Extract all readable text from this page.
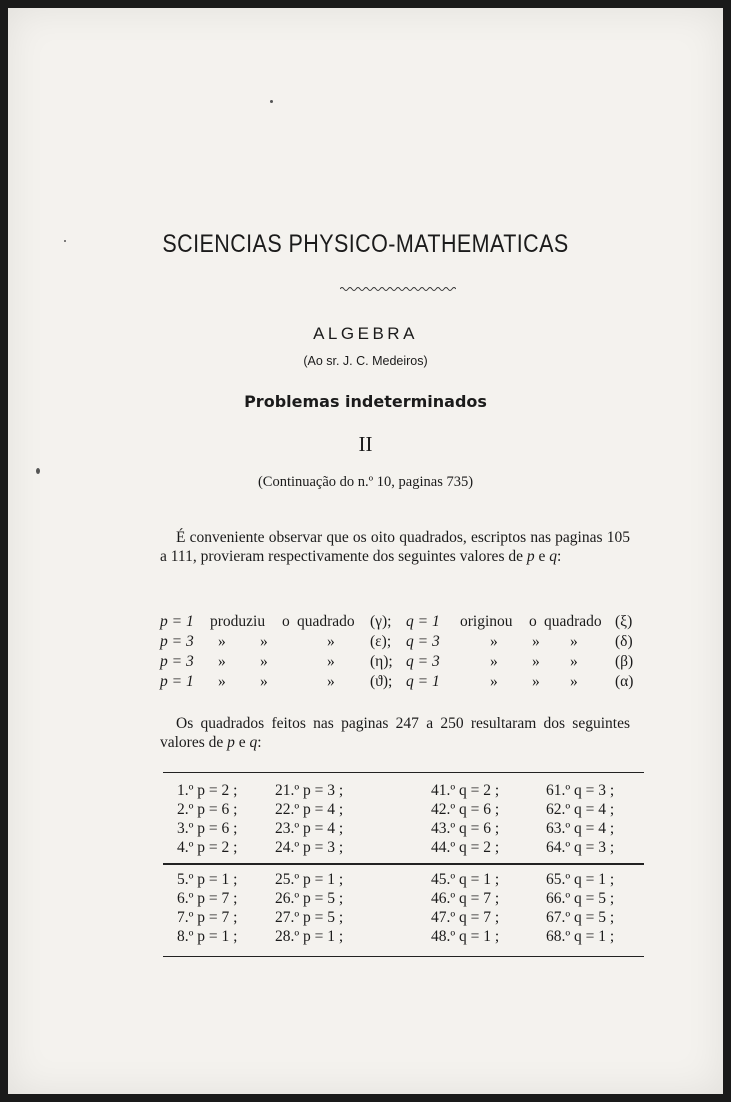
SCIENCIAS PHYSICO-MATHEMATICAS
ALGEBRA
(Ao sr. J. C. Medeiros)
Problemas indeterminados
II
(Continuação do n.º 10, paginas 735)
É conveniente observar que os oito quadrados, escriptos nas paginas 105 a 111, provieram respectivamente dos seguintes valores de p e q:
p = 1 produziu o quadrado (γ); q = 1 originou o quadrado (ξ)
p = 3 » »	» (ε); q = 3	» » » (δ)
p = 3 » »	» (η); q = 3	» » » (β)
p = 1 » »	» (ϑ); q = 1	» » » (α)
Os quadrados feitos nas paginas 247 a 250 resultaram dos seguintes valores de p e q:
1.º p = 2 ; 21.º p = 3 ;	41.º q = 2 ;	61.º q = 3 ;
2.º p = 6 ; 22.º p = 4 ;	42.º q = 6 ;	62.º q = 4 ;
3.º p = 6 ; 23.º p = 4 ;	43.º q = 6 ;	63.º q = 4 ;
4.º p = 2 ; 24.º p = 3 ;	44.º q = 2 ;	64.º q = 3 ;
5.º p = 1 ; 25.º p = 1 ;	45.º q = 1 ;	65.º q = 1 ;
6.º p = 7 ; 26.º p = 5 ;	46.º q = 7 ;	66.º q = 5 ;
7.º p = 7 ; 27.º p = 5 ;	47.º q = 7 ;	67.º q = 5 ;
8.º p = 1 ; 28.º p = 1 ;	48.º q = 1 ;	68.º q = 1 ;
